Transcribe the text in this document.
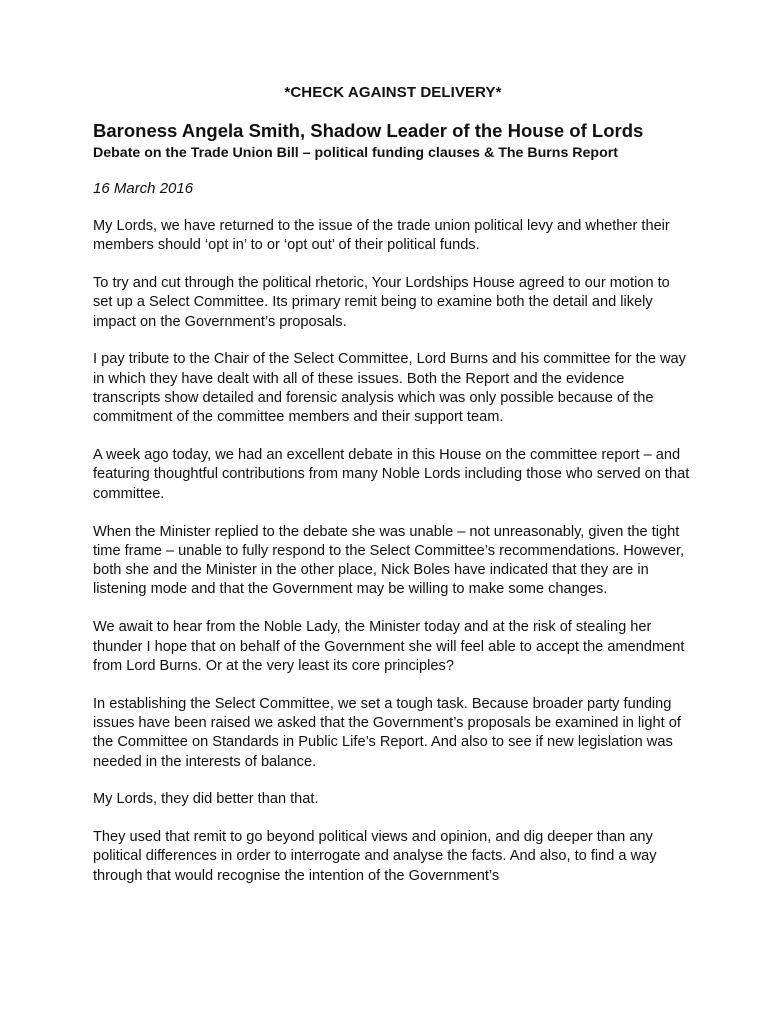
*CHECK AGAINST DELIVERY*

Baroness Angela Smith, Shadow Leader of the House of Lords

Debate on the Trade Union Bill – political funding clauses & The Burns Report

16 March 2016

My Lords, we have returned to the issue of the trade union political levy and whether their members should ‘opt in’ to or ‘opt out’ of their political funds.

To try and cut through the political rhetoric, Your Lordships House agreed to our motion to set up a Select Committee. Its primary remit being to examine both the detail and likely impact on the Government’s proposals.

I pay tribute to the Chair of the Select Committee, Lord Burns and his committee for the way in which they have dealt with all of these issues. Both the Report and the evidence transcripts show detailed and forensic analysis which was only possible because of the commitment of the committee members and their support team.

A week ago today, we had an excellent debate in this House on the committee report – and featuring thoughtful contributions from many Noble Lords including those who served on that committee.

When the Minister replied to the debate she was unable – not unreasonably, given the tight time frame – unable to fully respond to the Select Committee’s recommendations. However, both she and the Minister in the other place, Nick Boles have indicated that they are in listening mode and that the Government may be willing to make some changes.

We await to hear from the Noble Lady, the Minister today and at the risk of stealing her thunder I hope that on behalf of the Government she will feel able to accept the amendment from Lord Burns. Or at the very least its core principles?

In establishing the Select Committee, we set a tough task. Because broader party funding issues have been raised we asked that the Government’s proposals be examined in light of the Committee on Standards in Public Life’s Report. And also to see if new legislation was needed in the interests of balance.

My Lords, they did better than that.

They used that remit to go beyond political views and opinion, and dig deeper than any political differences in order to interrogate and analyse the facts. And also, to find a way through that would recognise the intention of the Government’s
